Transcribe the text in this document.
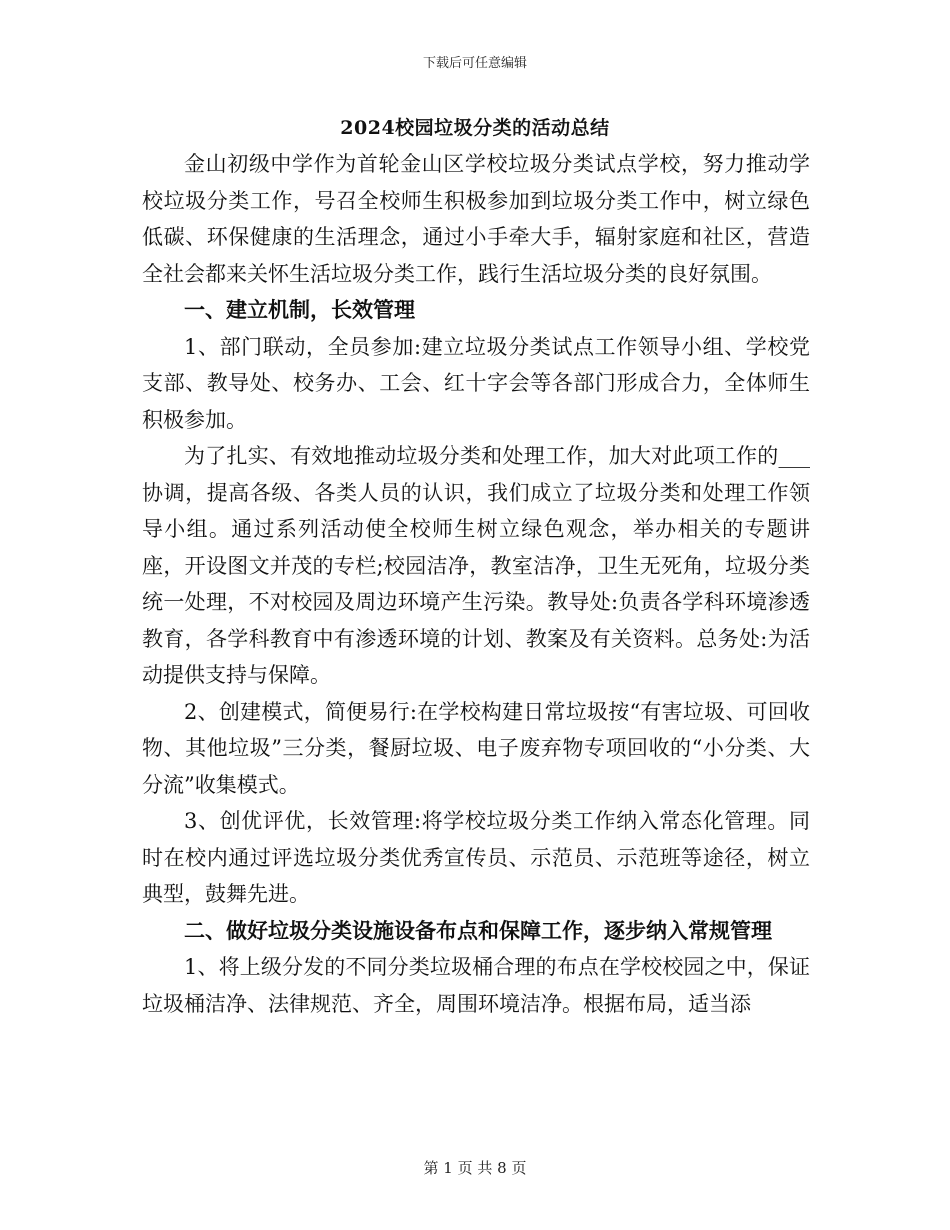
下载后可任意编辑
2024校园垃圾分类的活动总结

金山初级中学作为首轮金山区学校垃圾分类试点学校，努力推动学校垃圾分类工作，号召全校师生积极参加到垃圾分类工作中，树立绿色低碳、环保健康的生活理念，通过小手牵大手，辐射家庭和社区，营造全社会都来关怀生活垃圾分类工作，践行生活垃圾分类的良好氛围。

一、建立机制，长效管理

1、部门联动，全员参加:建立垃圾分类试点工作领导小组、学校党支部、教导处、校务办、工会、红十字会等各部门形成合力，全体师生积极参加。

为了扎实、有效地推动垃圾分类和处理工作，加大对此项工作的___协调，提高各级、各类人员的认识，我们成立了垃圾分类和处理工作领导小组。通过系列活动使全校师生树立绿色观念，举办相关的专题讲座，开设图文并茂的专栏;校园洁净，教室洁净，卫生无死角，垃圾分类统一处理，不对校园及周边环境产生污染。教导处:负责各学科环境渗透教育，各学科教育中有渗透环境的计划、教案及有关资料。总务处:为活动提供支持与保障。

2、创建模式，简便易行:在学校构建日常垃圾按“有害垃圾、可回收物、其他垃圾”三分类，餐厨垃圾、电子废弃物专项回收的“小分类、大分流”收集模式。

3、创优评优，长效管理:将学校垃圾分类工作纳入常态化管理。同时在校内通过评选垃圾分类优秀宣传员、示范员、示范班等途径，树立典型，鼓舞先进。

二、做好垃圾分类设施设备布点和保障工作，逐步纳入常规管理

1、将上级分发的不同分类垃圾桶合理的布点在学校校园之中，保证垃圾桶洁净、法律规范、齐全，周围环境洁净。根据布局，适当添

第 1 页 共 8 页
